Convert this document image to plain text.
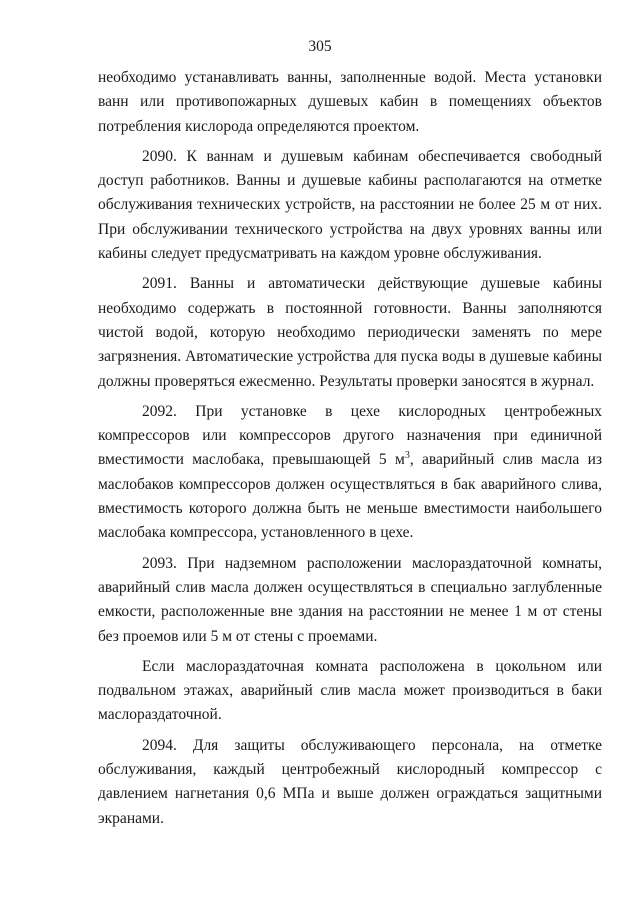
305

необходимо устанавливать ванны, заполненные водой. Места установки ванн или противопожарных душевых кабин в помещениях объектов потребления кислорода определяются проектом.

2090. К ваннам и душевым кабинам обеспечивается свободный доступ работников. Ванны и душевые кабины располагаются на отметке обслуживания технических устройств, на расстоянии не более 25 м от них. При обслуживании технического устройства на двух уровнях ванны или кабины следует предусматривать на каждом уровне обслуживания.

2091. Ванны и автоматически действующие душевые кабины необходимо содержать в постоянной готовности. Ванны заполняются чистой водой, которую необходимо периодически заменять по мере загрязнения. Автоматические устройства для пуска воды в душевые кабины должны проверяться ежесменно. Результаты проверки заносятся в журнал.

2092. При установке в цехе кислородных центробежных компрессоров или компрессоров другого назначения при единичной вместимости маслобака, превышающей 5 $м^3$, аварийный слив масла из маслобаков компрессоров должен осуществляться в бак аварийного слива, вместимость которого должна быть не меньше вместимости наибольшего маслобака компрессора, установленного в цехе.

2093. При надземном расположении маслораздаточной комнаты, аварийный слив масла должен осуществляться в специально заглубленные емкости, расположенные вне здания на расстоянии не менее 1 м от стены без проемов или 5 м от стены с проемами.

Если маслораздаточная комната расположена в цокольном или подвальном этажах, аварийный слив масла может производиться в баки маслораздаточной.

2094. Для защиты обслуживающего персонала, на отметке обслуживания, каждый центробежный кислородный компрессор с давлением нагнетания 0,6 МПа и выше должен ограждаться защитными экранами.
